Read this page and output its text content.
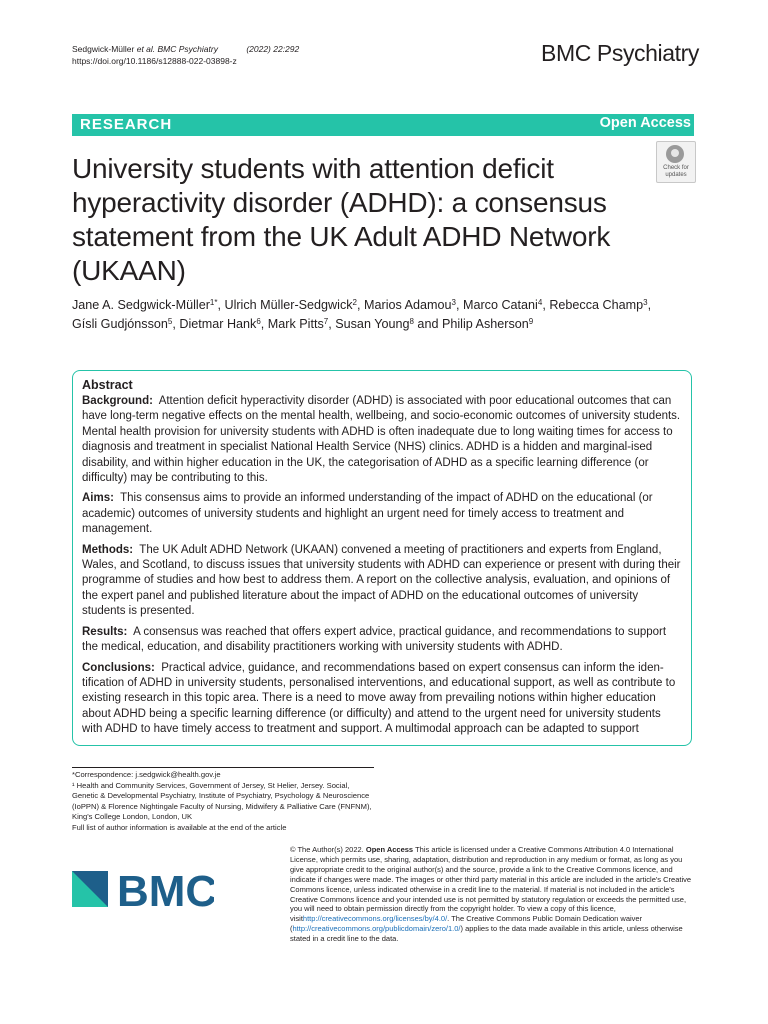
Sedgwick-Müller et al. BMC Psychiatry	(2022) 22:292
https://doi.org/10.1186/s12888-022-03898-z	BMC Psychiatry
RESEARCH	Open Access
University students with attention deficit hyperactivity disorder (ADHD): a consensus statement from the UK Adult ADHD Network (UKAAN)
Check for
updates
Jane A. Sedgwick-Müller$^{1*}$, Ulrich Müller-Sedgwick$^2$, Marios Adamou$^3$, Marco Catani$^4$, Rebecca Champ$^3$,
Gísli Gudjónsson$^5$, Dietmar Hank$^6$, Mark Pitts$^7$, Susan Young$^8$ and Philip Asherson$^9$
Abstract

Background: Attention deficit hyperactivity disorder (ADHD) is associated with poor educational outcomes that can have long-term negative effects on the mental health, wellbeing, and socio-economic outcomes of university students. Mental health provision for university students with ADHD is often inadequate due to long waiting times for access to diagnosis and treatment in specialist National Health Service (NHS) clinics. ADHD is a hidden and marginal-ised disability, and within higher education in the UK, the categorisation of ADHD as a specific learning difference (or difficulty) may be contributing to this.

Aims: This consensus aims to provide an informed understanding of the impact of ADHD on the educational (or academic) outcomes of university students and highlight an urgent need for timely access to treatment and management.

Methods: The UK Adult ADHD Network (UKAAN) convened a meeting of practitioners and experts from England, Wales, and Scotland, to discuss issues that university students with ADHD can experience or present with during their programme of studies and how best to address them. A report on the collective analysis, evaluation, and opinions of the expert panel and published literature about the impact of ADHD on the educational outcomes of university students is presented.

Results: A consensus was reached that offers expert advice, practical guidance, and recommendations to support the medical, education, and disability practitioners working with university students with ADHD.

Conclusions: Practical advice, guidance, and recommendations based on expert consensus can inform the iden-tification of ADHD in university students, personalised interventions, and educational support, as well as contribute to existing research in this topic area. There is a need to move away from prevailing notions within higher education about ADHD being a specific learning difference (or difficulty) and attend to the urgent need for university students with ADHD to have timely access to treatment and support. A multimodal approach can be adapted to support

*Correspondence: j.sedgwick@health.gov.je
¹ Health and Community Services, Government of Jersey, St Helier, Jersey. Social, Genetic & Developmental Psychiatry, Institute of Psychiatry, Psychology & Neuroscience (IoPPN) & Florence Nightingale Faculty of Nursing, Midwifery & Palliative Care (FNFNM), King's College London, London, UK
Full list of author information is available at the end of the article
BMC
© The Author(s) 2022. Open Access This article is licensed under a Creative Commons Attribution 4.0 International License, which permits use, sharing, adaptation, distribution and reproduction in any medium or format, as long as you give appropriate credit to the original author(s) and the source, provide a link to the Creative Commons licence, and indicate if changes were made. The images or other third party material in this article are included in the article's Creative Commons licence, unless indicated otherwise in a credit line to the material. If material is not included in the article's Creative Commons licence and your intended use is not permitted by statutory regulation or exceeds the permitted use, you will need to obtain permission directly from the copyright holder. To view a copy of this licence, visithttp://creativecommons.org/licenses/by/4.0/. The Creative Commons Public Domain Dedication waiver (http://creativecommons.org/publicdomain/zero/1.0/) applies to the data made available in this article, unless otherwise stated in a credit line to the data.
